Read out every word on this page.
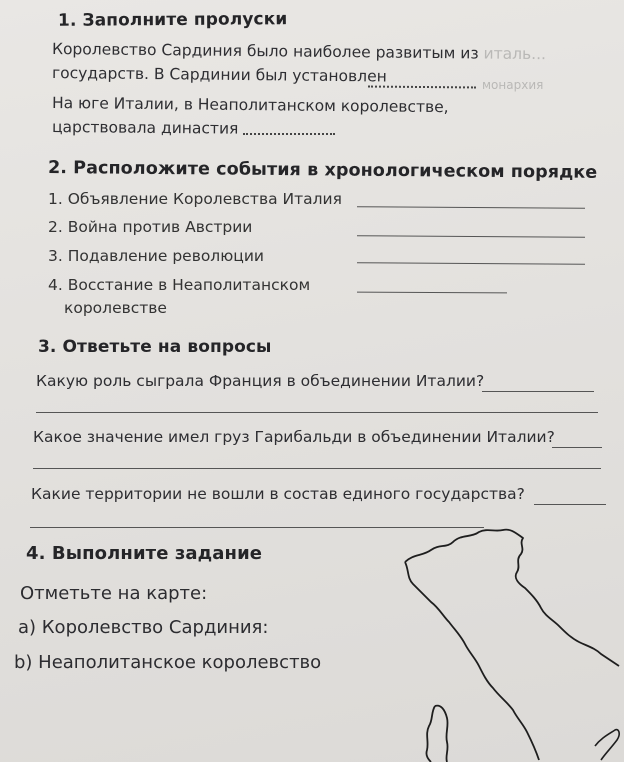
1. Заполните пролуски
Королевство Сардиния было наиболее развитым из италь...
государств. В Сардинии был установлен	монархия
На юге Италии, в Неаполитанском королевстве,
царствовала династия
2. Расположите события в хронологическом порядке
1. Объявление Королевства Италия
2. Война против Австрии
3. Подавление революции
4. Восстание в Неаполитанском
королевстве
3. Ответьте на вопросы
Какую роль сыграла Франция в объединении Италии?
Какое значение имел груз Гарибальди в объединении Италии?
Какие территории не вошли в состав единого государства?
4. Выполните задание
Отметьте на карте:
а) Королевство Сардиния:
b) Неаполитанское королевство
